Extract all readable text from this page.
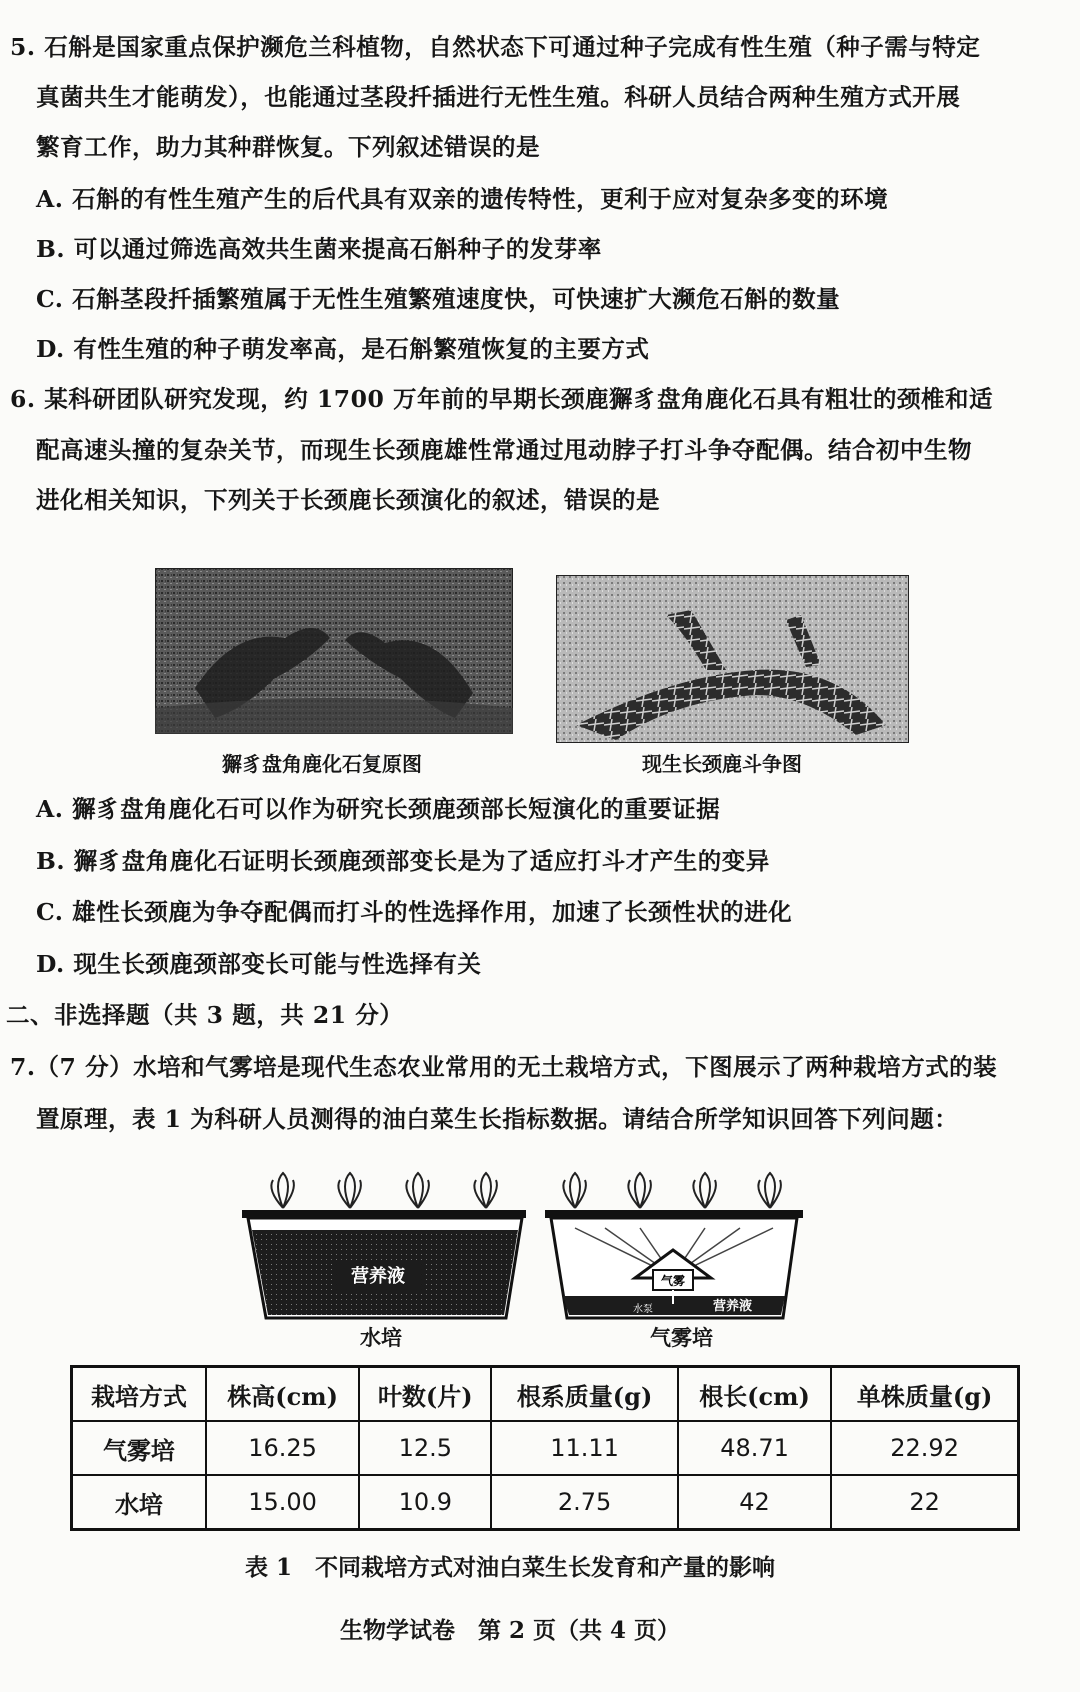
5. 石斛是国家重点保护濒危兰科植物，自然状态下可通过种子完成有性生殖（种子需与特定
真菌共生才能萌发），也能通过茎段扦插进行无性生殖。科研人员结合两种生殖方式开展
繁育工作，助力其种群恢复。下列叙述错误的是
A. 石斛的有性生殖产生的后代具有双亲的遗传特性，更利于应对复杂多变的环境
B. 可以通过筛选高效共生菌来提高石斛种子的发芽率
C. 石斛茎段扦插繁殖属于无性生殖繁殖速度快，可快速扩大濒危石斛的数量
D. 有性生殖的种子萌发率高，是石斛繁殖恢复的主要方式
6. 某科研团队研究发现，约 1700 万年前的早期长颈鹿獬豸盘角鹿化石具有粗壮的颈椎和适
配高速头撞的复杂关节，而现生长颈鹿雄性常通过甩动脖子打斗争夺配偶。结合初中生物
进化相关知识，下列关于长颈鹿长颈演化的叙述，错误的是
獬豸盘角鹿化石复原图	现生长颈鹿斗争图
A. 獬豸盘角鹿化石可以作为研究长颈鹿颈部长短演化的重要证据
B. 獬豸盘角鹿化石证明长颈鹿颈部变长是为了适应打斗才产生的变异
C. 雄性长颈鹿为争夺配偶而打斗的性选择作用，加速了长颈性状的进化
D. 现生长颈鹿颈部变长可能与性选择有关
二、非选择题（共 3 题，共 21 分）
7.（7 分）水培和气雾培是现代生态农业常用的无土栽培方式，下图展示了两种栽培方式的装
置原理，表 1 为科研人员测得的油白菜生长指标数据。请结合所学知识回答下列问题：
营养液
水培
气雾
水泵	营养液
气雾培
栽培方式	株高(cm)	叶数(片)	根系质量(g)	根长(cm)	单株质量(g)
气雾培	16.25	12.5	11.11	48.71	22.92
水培	15.00	10.9	2.75	42	22
表 1　不同栽培方式对油白菜生长发育和产量的影响
生物学试卷　第 2 页（共 4 页）
